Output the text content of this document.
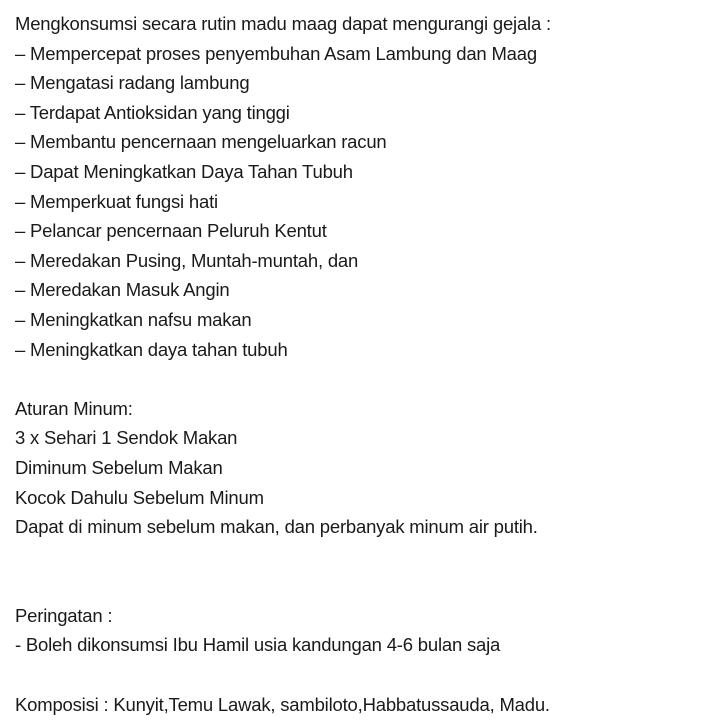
Mengkonsumsi secara rutin madu maag dapat mengurangi gejala :

– Mempercepat proses penyembuhan Asam Lambung dan Maag

– Mengatasi radang lambung

– Terdapat Antioksidan yang tinggi

– Membantu pencernaan mengeluarkan racun

– Dapat Meningkatkan Daya Tahan Tubuh

– Memperkuat fungsi hati

– Pelancar pencernaan Peluruh Kentut

– Meredakan Pusing, Muntah-muntah, dan

– Meredakan Masuk Angin

– Meningkatkan nafsu makan

– Meningkatkan daya tahan tubuh

Aturan Minum:

3 x Sehari 1 Sendok Makan

Diminum Sebelum Makan

Kocok Dahulu Sebelum Minum

Dapat di minum sebelum makan, dan perbanyak minum air putih.

Peringatan :

- Boleh dikonsumsi Ibu Hamil usia kandungan 4-6 bulan saja

Komposisi : Kunyit,Temu Lawak, sambiloto,Habbatussauda, Madu.
